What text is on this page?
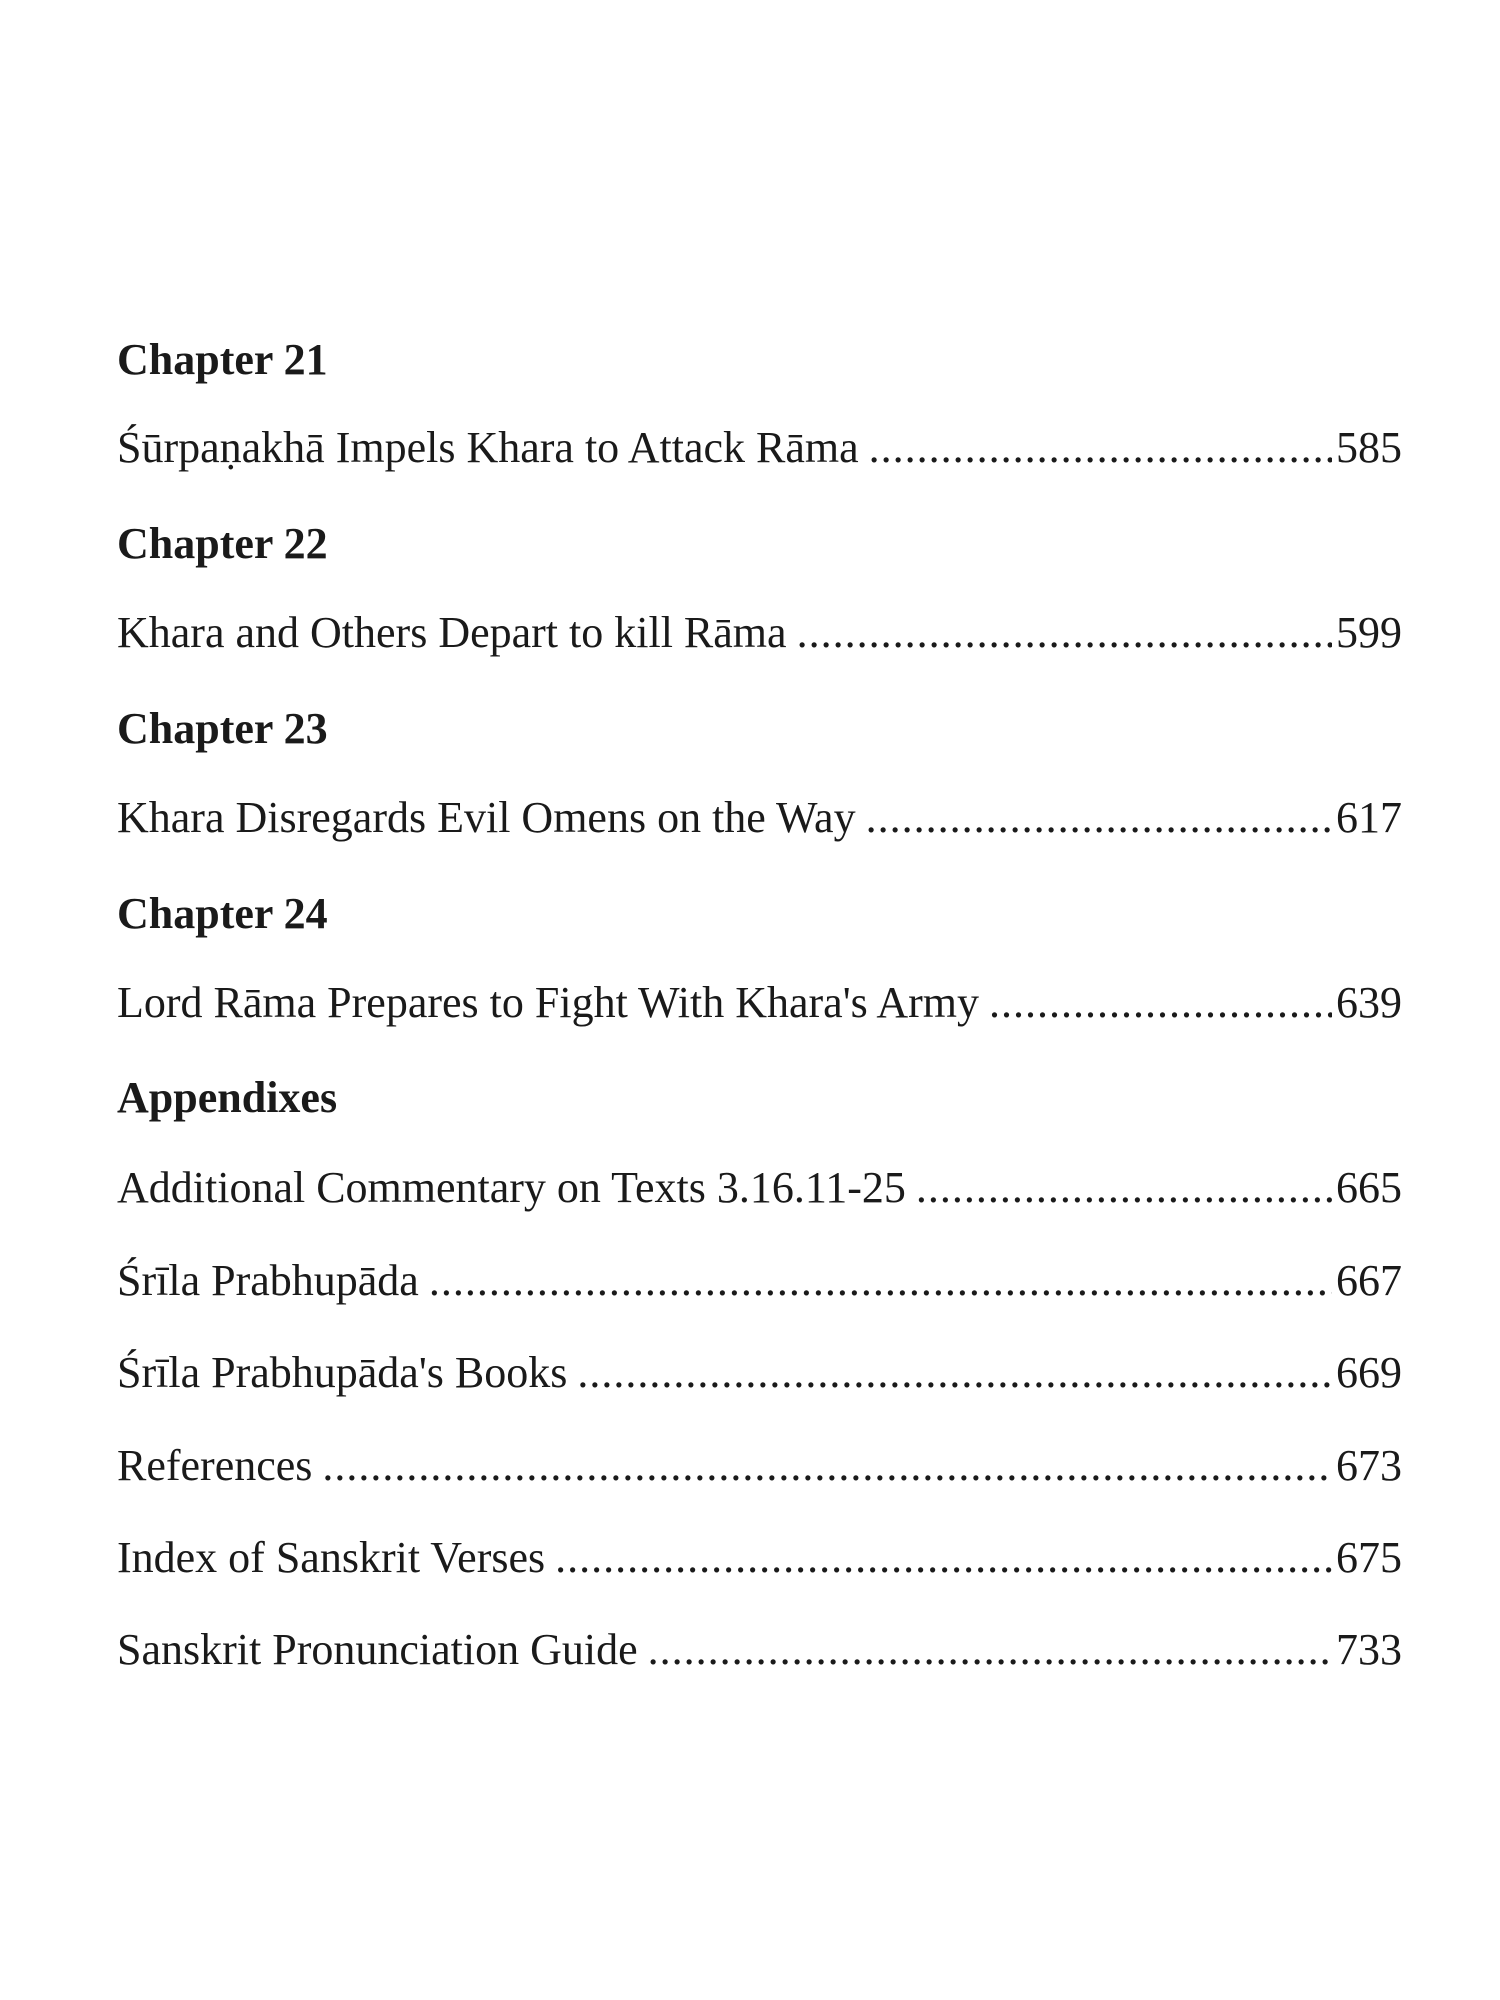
Chapter 21
Śūrpaṇakhā Impels Khara to Attack Rāma .....	585
Chapter 22
Khara and Others Depart to kill Rāma .....	599
Chapter 23
Khara Disregards Evil Omens on the Way .....	617
Chapter 24
Lord Rāma Prepares to Fight With Khara's Army .....	639
Appendixes
Additional Commentary on Texts 3.16.11-25 .....	665
Śrīla Prabhupāda .....	667
Śrīla Prabhupāda's Books .....	669
References .....	673
Index of Sanskrit Verses .....	675
Sanskrit Pronunciation Guide .....	733
